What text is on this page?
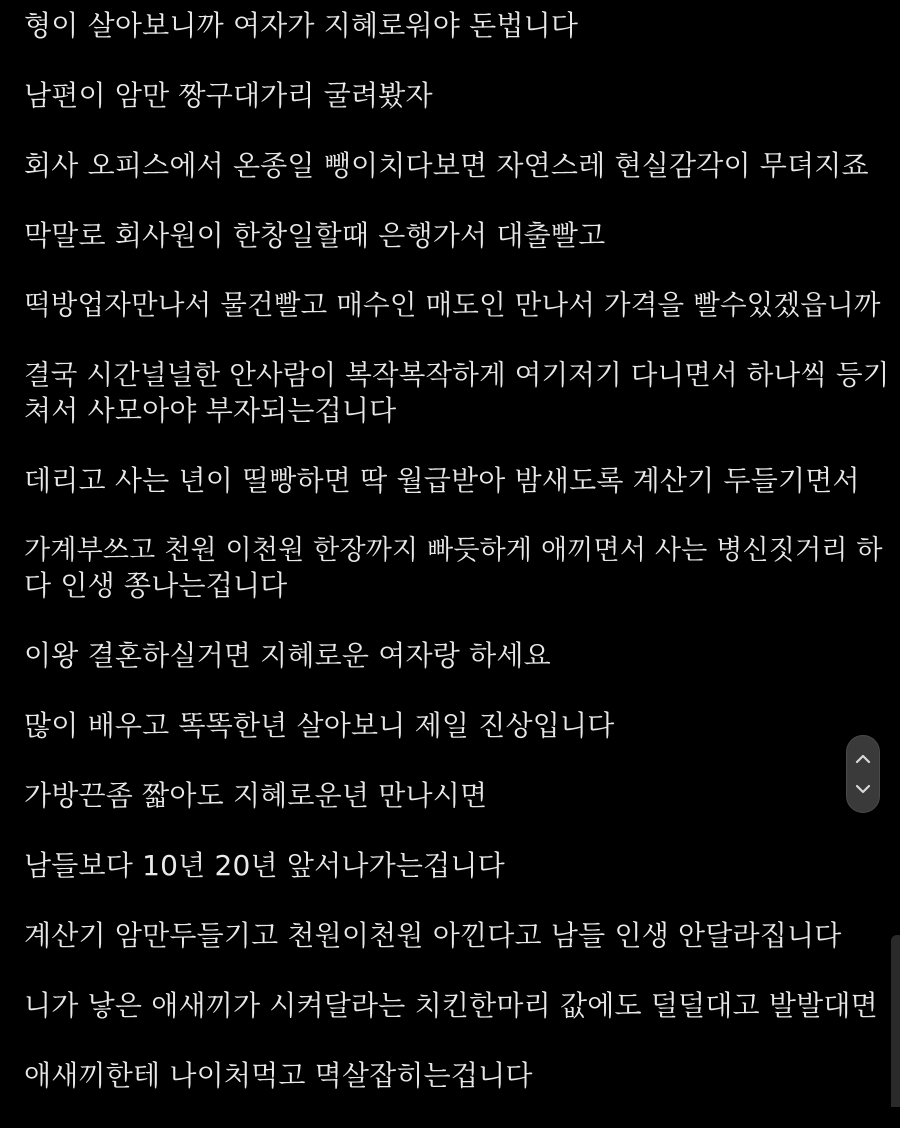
형이 살아보니까 여자가 지혜로워야 돈법니다
남편이 암만 짱구대가리 굴려봤자
회사 오피스에서 온종일 뺑이치다보면 자연스레 현실감각이 무뎌지죠
막말로 회사원이 한창일할때 은행가서 대출빨고
떡방업자만나서 물건빨고 매수인 매도인 만나서 가격을 빨수있겠읍니까
결국 시간널널한 안사람이 복작복작하게 여기저기 다니면서 하나씩 등기
쳐서 사모아야 부자되는겁니다
데리고 사는 년이 띨빵하면 딱 월급받아 밤새도록 계산기 두들기면서
가계부쓰고 천원 이천원 한장까지 빠듯하게 애끼면서 사는 병신짓거리 하
다 인생 쫑나는겁니다
이왕 결혼하실거면 지혜로운 여자랑 하세요
많이 배우고 똑똑한년 살아보니 제일 진상입니다
가방끈좀 짧아도 지혜로운년 만나시면
남들보다 10년 20년 앞서나가는겁니다
계산기 암만두들기고 천원이천원 아낀다고 남들 인생 안달라집니다
니가 낳은 애새끼가 시켜달라는 치킨한마리 값에도 덜덜대고 발발대면
애새끼한테 나이처먹고 멱살잡히는겁니다
